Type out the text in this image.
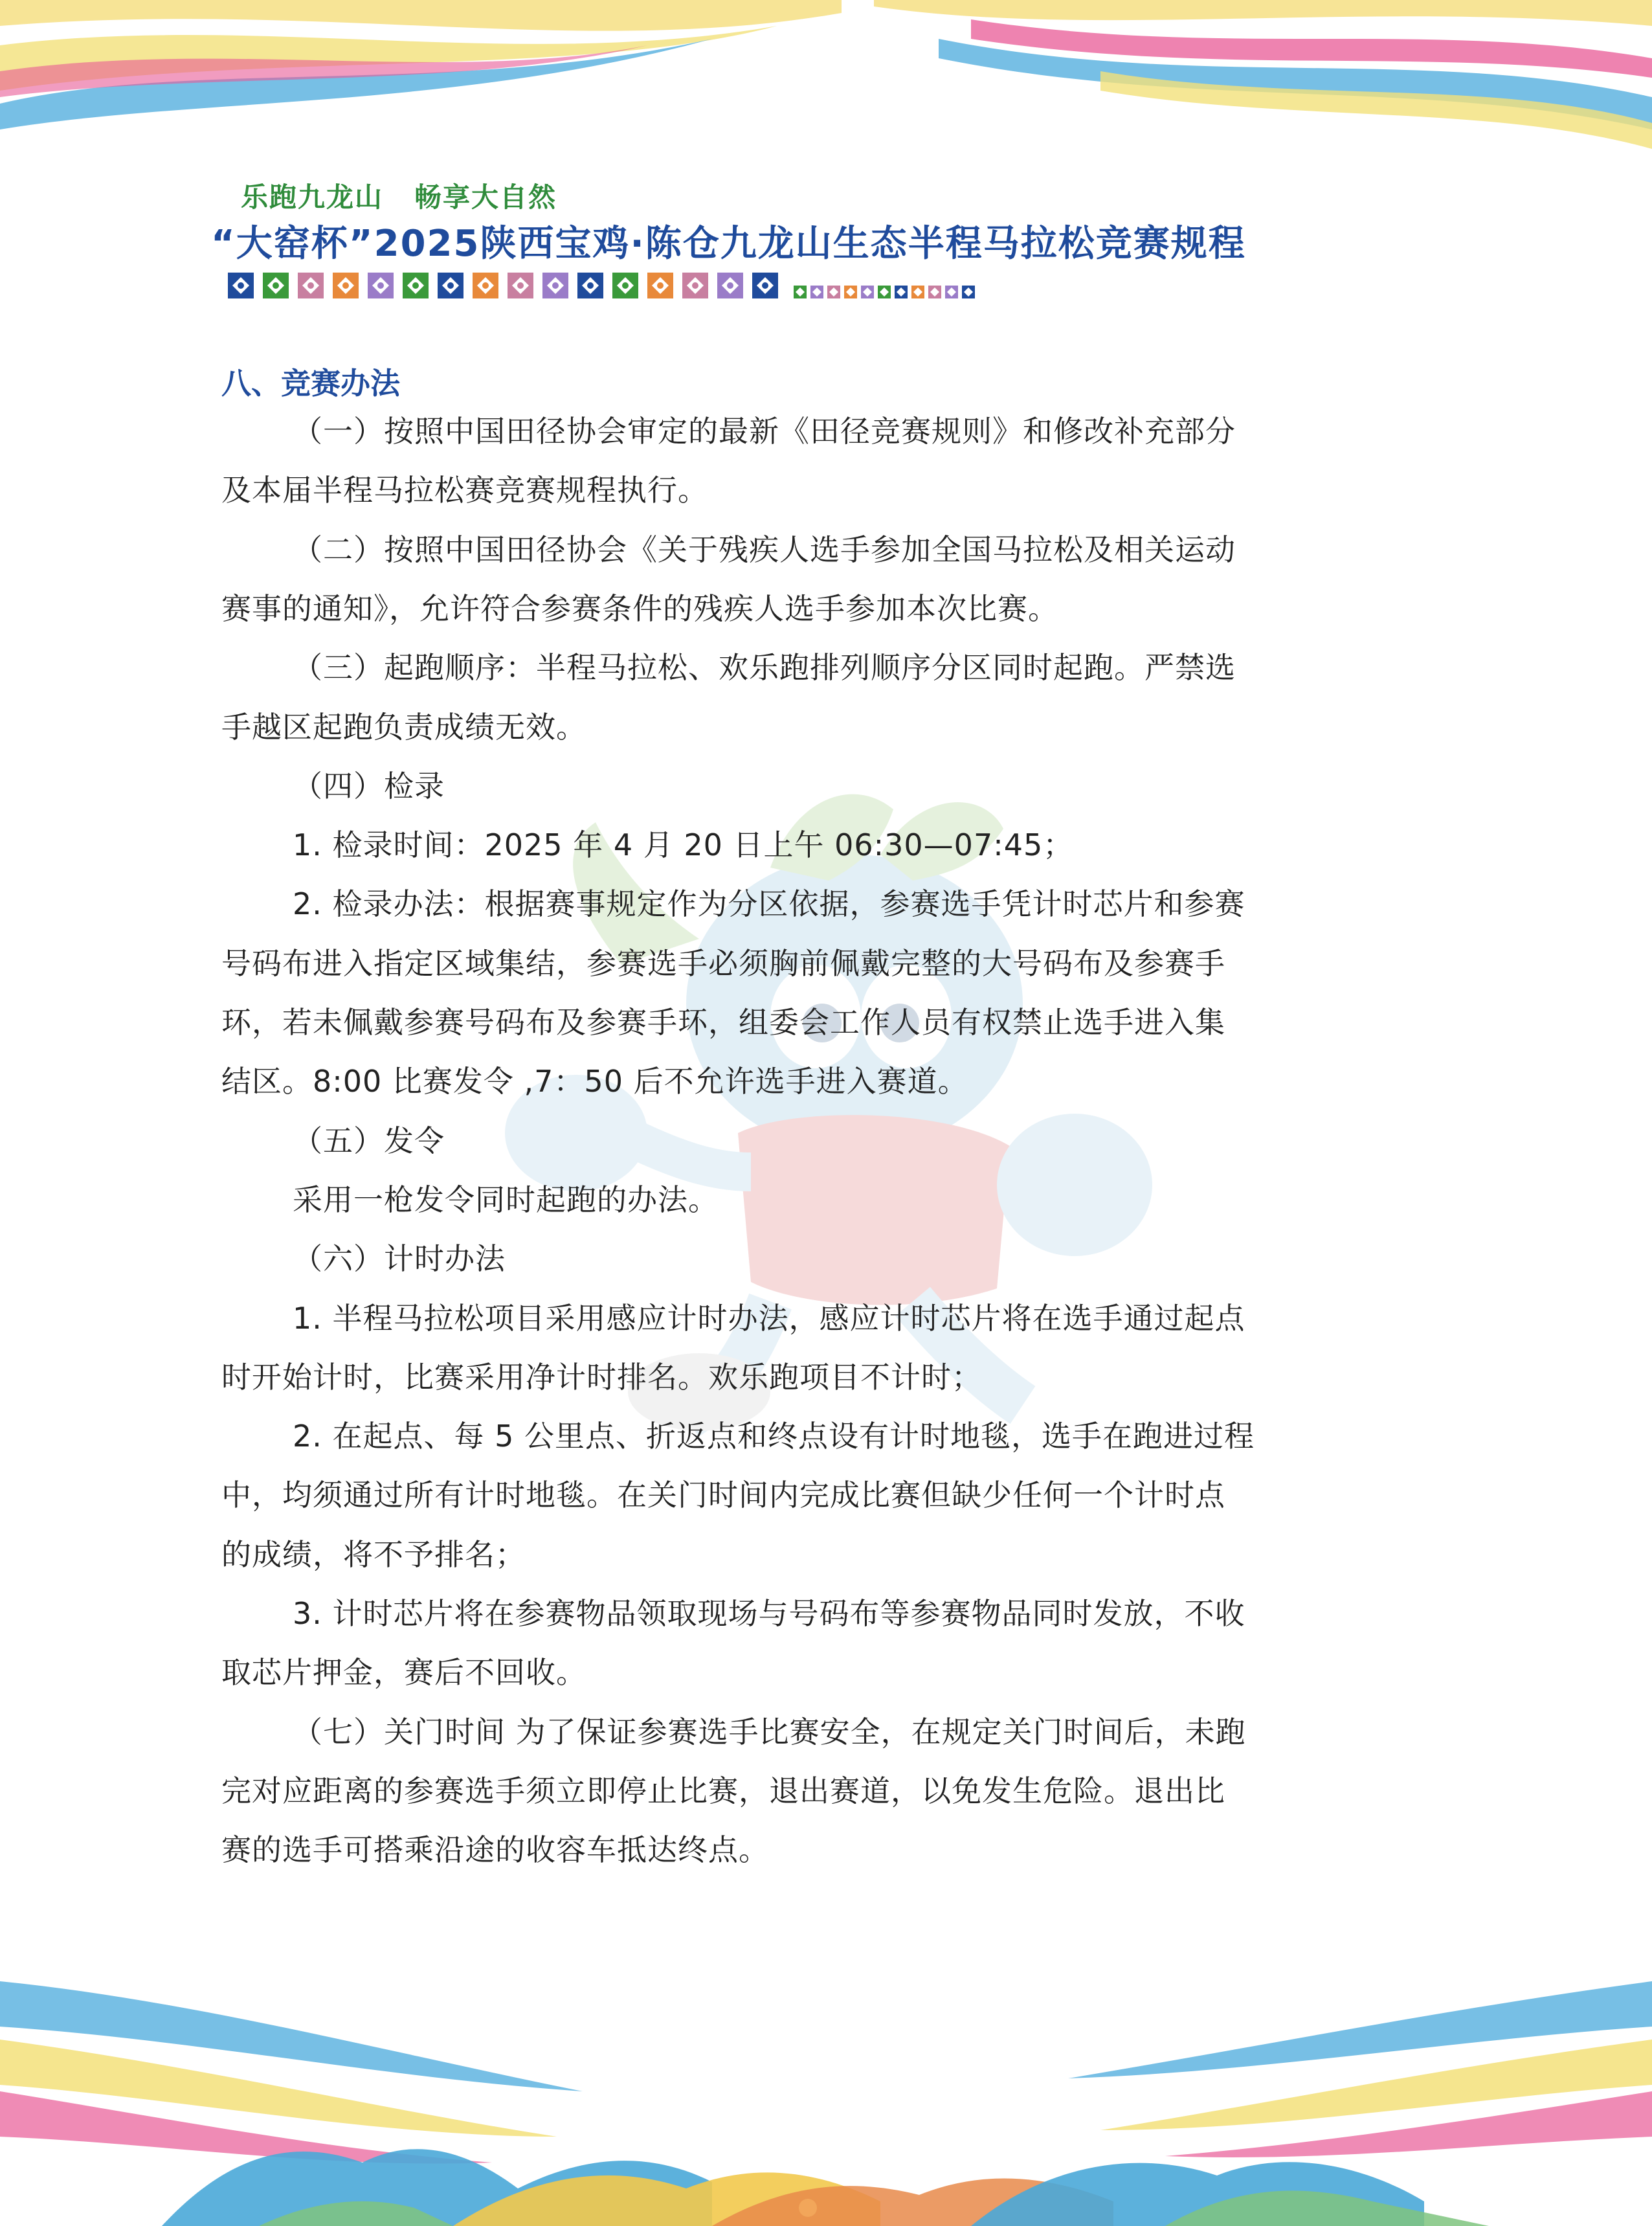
乐跑九龙山 畅享大自然
“大窑杯”2025陕西宝鸡·陈仓九龙山生态半程马拉松竞赛规程
八、竞赛办法
（一）按照中国田径协会审定的最新《田径竞赛规则》和修改补充部分
及本届半程马拉松赛竞赛规程执行。
（二）按照中国田径协会《关于残疾人选手参加全国马拉松及相关运动
赛事的通知》，允许符合参赛条件的残疾人选手参加本次比赛。
（三）起跑顺序：半程马拉松、欢乐跑排列顺序分区同时起跑。严禁选
手越区起跑负责成绩无效。
（四）检录
1. 检录时间：2025 年 4 月 20 日上午 06:30—07:45；
2. 检录办法：根据赛事规定作为分区依据，参赛选手凭计时芯片和参赛
号码布进入指定区域集结，参赛选手必须胸前佩戴完整的大号码布及参赛手
环，若未佩戴参赛号码布及参赛手环，组委会工作人员有权禁止选手进入集
结区。8:00 比赛发令 ,7：50 后不允许选手进入赛道。
（五）发令
采用一枪发令同时起跑的办法。
（六）计时办法
1. 半程马拉松项目采用感应计时办法，感应计时芯片将在选手通过起点
时开始计时，比赛采用净计时排名。欢乐跑项目不计时；
2. 在起点、每 5 公里点、折返点和终点设有计时地毯，选手在跑进过程
中，均须通过所有计时地毯。在关门时间内完成比赛但缺少任何一个计时点
的成绩，将不予排名；
3. 计时芯片将在参赛物品领取现场与号码布等参赛物品同时发放，不收
取芯片押金，赛后不回收。
（七）关门时间 为了保证参赛选手比赛安全，在规定关门时间后，未跑
完对应距离的参赛选手须立即停止比赛，退出赛道，以免发生危险。退出比
赛的选手可搭乘沿途的收容车抵达终点。
